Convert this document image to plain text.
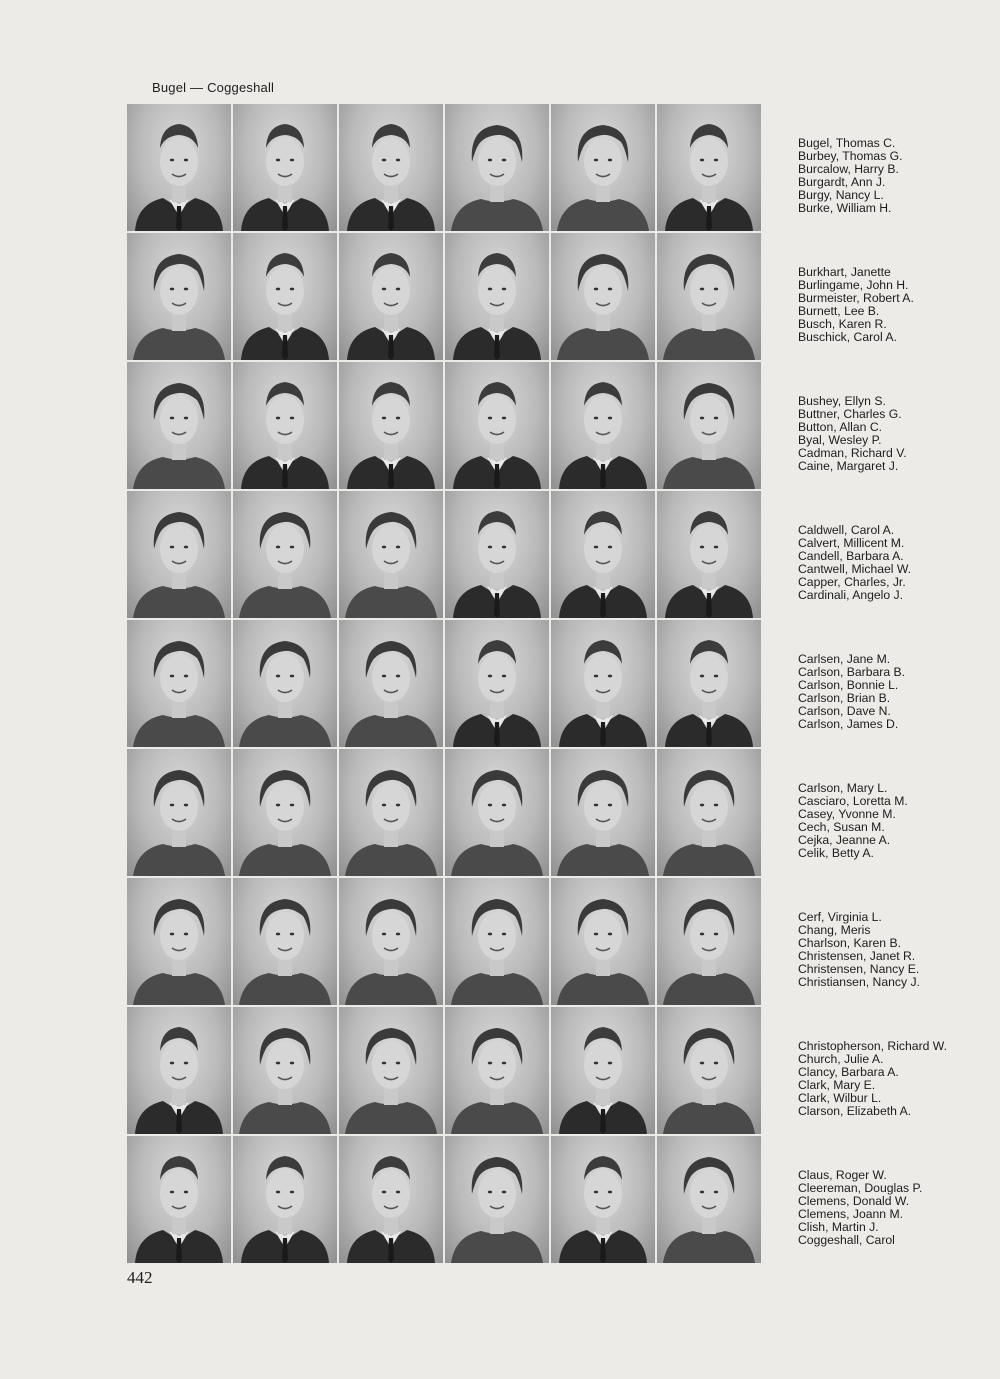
Bugel — Coggeshall
Bugel, Thomas C.
Burbey, Thomas G.
Burcalow, Harry B.
Burgardt, Ann J.
Burgy, Nancy L.
Burke, William H.
Burkhart, Janette
Burlingame, John H.
Burmeister, Robert A.
Burnett, Lee B.
Busch, Karen R.
Buschick, Carol A.
Bushey, Ellyn S.
Buttner, Charles G.
Button, Allan C.
Byal, Wesley P.
Cadman, Richard V.
Caine, Margaret J.
Caldwell, Carol A.
Calvert, Millicent M.
Candell, Barbara A.
Cantwell, Michael W.
Capper, Charles, Jr.
Cardinali, Angelo J.
Carlsen, Jane M.
Carlson, Barbara B.
Carlson, Bonnie L.
Carlson, Brian B.
Carlson, Dave N.
Carlson, James D.
Carlson, Mary L.
Casciaro, Loretta M.
Casey, Yvonne M.
Cech, Susan M.
Cejka, Jeanne A.
Celik, Betty A.
Cerf, Virginia L.
Chang, Meris
Charlson, Karen B.
Christensen, Janet R.
Christensen, Nancy E.
Christiansen, Nancy J.
Christopherson, Richard W.
Church, Julie A.
Clancy, Barbara A.
Clark, Mary E.
Clark, Wilbur L.
Clarson, Elizabeth A.
Claus, Roger W.
Cleereman, Douglas P.
Clemens, Donald W.
Clemens, Joann M.
Clish, Martin J.
Coggeshall, Carol
442
